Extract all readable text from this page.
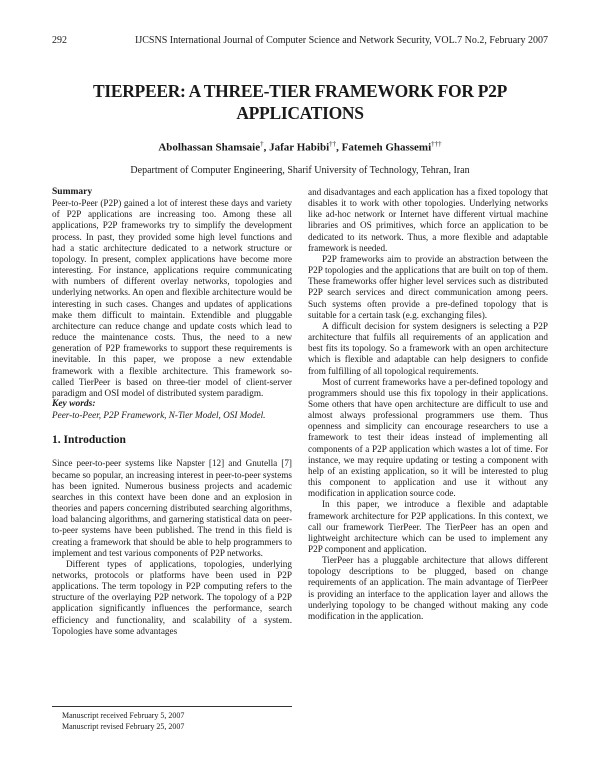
292	IJCSNS International Journal of Computer Science and Network Security, VOL.7 No.2, February 2007
TIERPEER: A THREE-TIER FRAMEWORK FOR P2P APPLICATIONS
Abolhassan Shamsaie†, Jafar Habibi††, Fatemeh Ghassemi†††
Department of Computer Engineering, Sharif University of Technology, Tehran, Iran

Summary

Peer-to-Peer (P2P) gained a lot of interest these days and variety of P2P applications are increasing too. Among these all applications, P2P frameworks try to simplify the development process. In past, they provided some high level functions and had a static architecture dedicated to a network structure or topology. In present, complex applications have become more interesting. For instance, applications require communicating with numbers of different overlay networks, topologies and underlying networks. An open and flexible architecture would be interesting in such cases. Changes and updates of applications make them difficult to maintain. Extendible and pluggable architecture can reduce change and update costs which lead to reduce the maintenance costs. Thus, the need to a new generation of P2P frameworks to support these requirements is inevitable. In this paper, we propose a new extendable framework with a flexible architecture. This framework so-called TierPeer is based on three-tier model of client-server paradigm and OSI model of distributed system paradigm.

Key words:

Peer-to-Peer, P2P Framework, N-Tier Model, OSI Model.

1. Introduction

Since peer-to-peer systems like Napster [12] and Gnutella [7] became so popular, an increasing interest in peer-to-peer systems has been ignited. Numerous business projects and academic searches in this context have been done and an explosion in theories and papers concerning distributed searching algorithms, load balancing algorithms, and garnering statistical data on peer-to-peer systems have been published. The trend in this field is creating a framework that should be able to help programmers to implement and test various components of P2P networks.

Different types of applications, topologies, underlying networks, protocols or platforms have been used in P2P applications. The term topology in P2P computing refers to the structure of the overlaying P2P network. The topology of a P2P application significantly influences the performance, search efficiency and functionality, and scalability of a system. Topologies have some advantages

and disadvantages and each application has a fixed topology that disables it to work with other topologies. Underlying networks like ad-hoc network or Internet have different virtual machine libraries and OS primitives, which force an application to be dedicated to its network. Thus, a more flexible and adaptable framework is needed.

P2P frameworks aim to provide an abstraction between the P2P topologies and the applications that are built on top of them. These frameworks offer higher level services such as distributed P2P search services and direct communication among peers. Such systems often provide a pre-defined topology that is suitable for a certain task (e.g. exchanging files).

A difficult decision for system designers is selecting a P2P architecture that fulfils all requirements of an application and best fits its topology. So a framework with an open architecture which is flexible and adaptable can help designers to confide from fulfilling of all topological requirements.

Most of current frameworks have a per-defined topology and programmers should use this fix topology in their applications. Some others that have open architecture are difficult to use and almost always professional programmers use them. Thus openness and simplicity can encourage researchers to use a framework to test their ideas instead of implementing all components of a P2P application which wastes a lot of time. For instance, we may require updating or testing a component with help of an existing application, so it will be interested to plug this component to application and use it without any modification in application source code.

In this paper, we introduce a flexible and adaptable framework architecture for P2P applications. In this context, we call our framework TierPeer. The TierPeer has an open and lightweight architecture which can be used to implement any P2P component and application.

TierPeer has a pluggable architecture that allows different topology descriptions to be plugged, based on change requirements of an application. The main advantage of TierPeer is providing an interface to the application layer and allows the underlying topology to be changed without making any code modification in the application.

Manuscript received February 5, 2007
Manuscript revised February 25, 2007
